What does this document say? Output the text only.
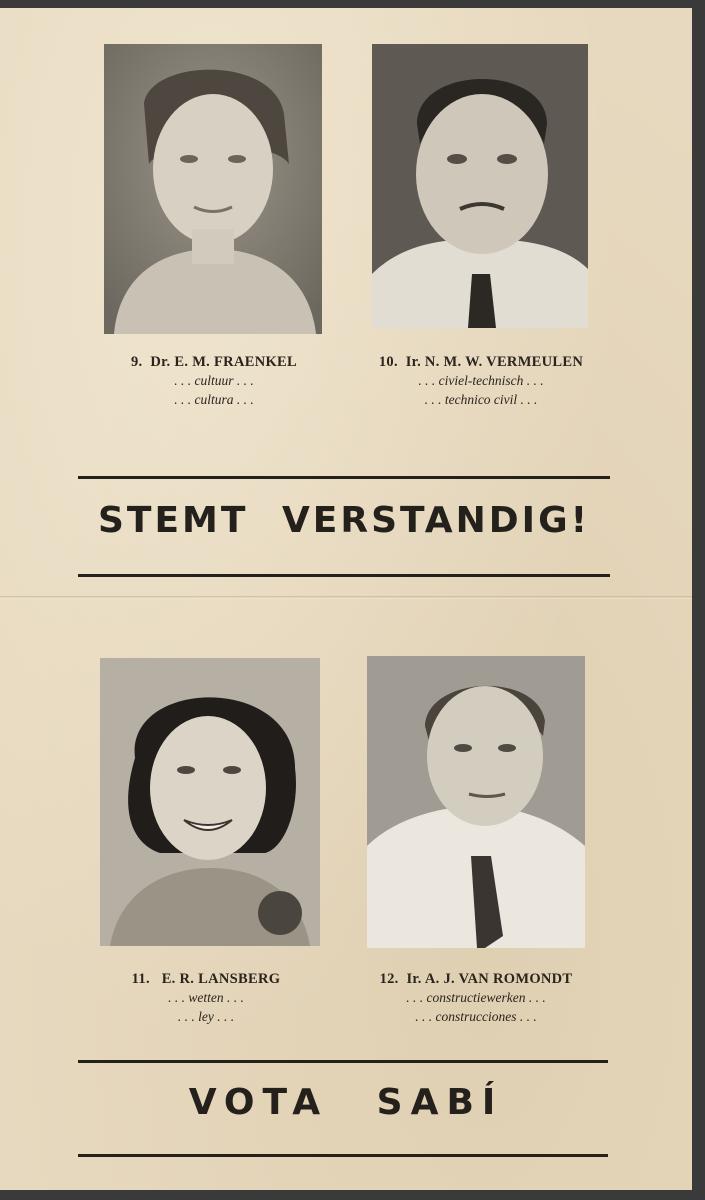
9. Dr. E. M. FRAENKEL
. . . cultuur . . .
. . . cultura . . .
10. Ir. N. M. W. VERMEULEN
. . . civiel-technisch . . .
. . . technico civil . . .
STEMT VERSTANDIG!
11. E. R. LANSBERG
. . . wetten . . .
. . . ley . . .
12. Ir. A. J. VAN ROMONDT
. . . constructiewerken . . .
. . . construcciones . . .
VOTA SABÍ
